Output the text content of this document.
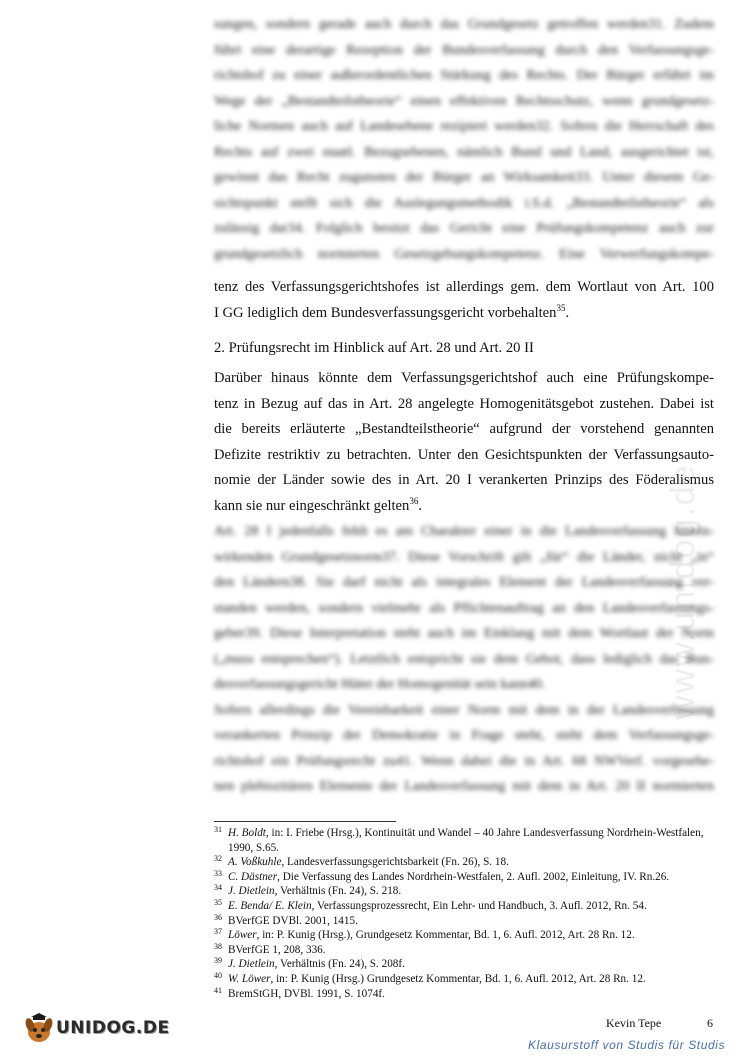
www.unidog.de
sungen, sondern gerade auch durch das Grundgesetz getroffen werden31. Zudem
führt eine derartige Rezeption der Bundesverfassung durch den Verfassungsge-
richtshof zu einer außerordentlichen Stärkung des Rechts. Der Bürger erfährt im
Wege der „Bestandteilstheorie“ einen effektiven Rechtsschutz, wenn grundgesetz-
liche Normen auch auf Landesebene rezipiert werden32. Sofern die Herrschaft des
Rechts auf zwei staatl. Bezugsebenen, nämlich Bund und Land, ausgerichtet ist,
gewinnt das Recht zugunsten der Bürger an Wirksamkeit33. Unter diesem Ge-
sichtspunkt stellt sich die Auslegungsmethodik i.S.d. „Bestandteilstheorie“ als
zulässig dar34. Folglich besitzt das Gericht eine Prüfungskompetenz auch zur
grundgesetzlich normierten Gesetzgebungskompetenz. Eine Verwerfungskompe-
tenz des Verfassungsgerichtshofes ist allerdings gem. dem Wortlaut von Art. 100
I GG lediglich dem Bundesverfassungsgericht vorbehalten$^{35}$.
2. Prüfungsrecht im Hinblick auf Art. 28 und Art. 20 II
Darüber hinaus könnte dem Verfassungsgerichtshof auch eine Prüfungskompe-
tenz in Bezug auf das in Art. 28 angelegte Homogenitätsgebot zustehen. Dabei ist
die bereits erläuterte „Bestandteilstheorie“ aufgrund der vorstehend genannten
Defizite restriktiv zu betrachten. Unter den Gesichtspunkten der Verfassungsauto-
nomie der Länder sowie des in Art. 20 I verankerten Prinzips des Föderalismus
kann sie nur eingeschränkt gelten$^{36}$.
Art. 28 I jedenfalls fehlt es am Charakter einer in die Landesverfassung hinein-
wirkenden Grundgesetznorm37. Diese Vorschrift gilt „für“ die Länder, nicht „in“
den Ländern38. Sie darf nicht als integrales Element der Landesverfassung ver-
standen werden, sondern vielmehr als Pflichtenauftrag an den Landesverfassungs-
geber39. Diese Interpretation steht auch im Einklang mit dem Wortlaut der Norm
(„muss entsprechen“). Letztlich entspricht sie dem Gebot, dass lediglich das Bun-
desverfassungsgericht Hüter der Homogenität sein kann40.
Sofern allerdings die Vereinbarkeit einer Norm mit dem in der Landesverfassung
verankerten Prinzip der Demokratie in Frage steht, steht dem Verfassungsge-
richtshof ein Prüfungsrecht zu41. Wenn dabei die in Art. 68 NWVerf. vorgesehe-
nen plebiszitären Elemente der Landesverfassung mit dem in Art. 20 II normierten
31 H. Boldt, in: I. Friebe (Hrsg.), Kontinuität und Wandel – 40 Jahre Landesverfassung Nordrhein-Westfalen, 1990, S.65.
32 A. Voßkuhle, Landesverfassungsgerichtsbarkeit (Fn. 26), S. 18.
33 C. Dästner, Die Verfassung des Landes Nordrhein-Westfalen, 2. Aufl. 2002, Einleitung, IV. Rn.26.
34 J. Dietlein, Verhältnis (Fn. 24), S. 218.
35 E. Benda/ E. Klein, Verfassungsprozessrecht, Ein Lehr- und Handbuch, 3. Aufl. 2012, Rn. 54.
36 BVerfGE DVBl. 2001, 1415.
37 Löwer, in: P. Kunig (Hrsg.), Grundgesetz Kommentar, Bd. 1, 6. Aufl. 2012, Art. 28 Rn. 12.
38 BVerfGE 1, 208, 336.
39 J. Dietlein, Verhältnis (Fn. 24), S. 208f.
40 W. Löwer, in: P. Kunig (Hrsg.) Grundgesetz Kommentar, Bd. 1, 6. Aufl. 2012, Art. 28 Rn. 12.
41 BremStGH, DVBl. 1991, S. 1074f.
UNIDOG.DE	Kevin Tepe	6
Klausurstoff von Studis für Studis
